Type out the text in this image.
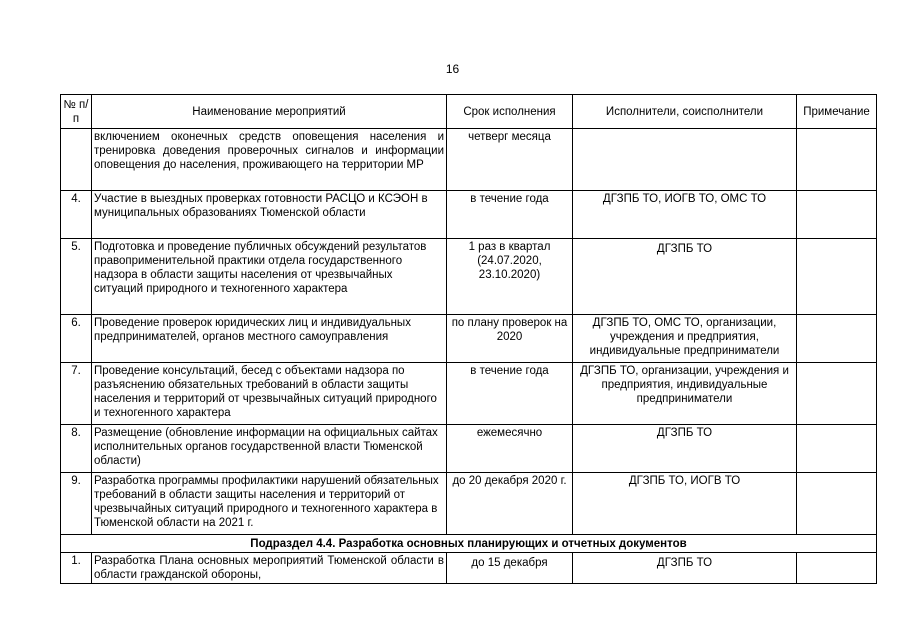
16
№ п/п	Наименование мероприятий	Срок исполнения	Исполнители, соисполнители	Примечание
	включением оконечных средств оповещения населения и тренировка доведения проверочных сигналов и информации оповещения до населения, проживающего на территории МР	четверг месяца		
4.	Участие в выездных проверках готовности РАСЦО и КСЭОН в муниципальных образованиях Тюменской области	в течение года	ДГЗПБ ТО, ИОГВ ТО, ОМС ТО	
5.	Подготовка и проведение публичных обсуждений результатов правоприменительной практики отдела государственного надзора в области защиты населения от чрезвычайных ситуаций природного и техногенного характера	1 раз в квартал (24.07.2020, 23.10.2020)	ДГЗПБ ТО	
6.	Проведение проверок юридических лиц и индивидуальных предпринимателей, органов местного самоуправления	по плану проверок на 2020	ДГЗПБ ТО, ОМС ТО, организации, учреждения и предприятия, индивидуальные предприниматели	
7.	Проведение консультаций, бесед с объектами надзора по разъяснению обязательных требований в области защиты населения и территорий от чрезвычайных ситуаций природного и техногенного характера	в течение года	ДГЗПБ ТО, организации, учреждения и предприятия, индивидуальные предприниматели	
8.	Размещение (обновление информации на официальных сайтах исполнительных органов государственной власти Тюменской области)	ежемесячно	ДГЗПБ ТО	
9.	Разработка программы профилактики нарушений обязательных требований в области защиты населения и территорий от чрезвычайных ситуаций природного и техногенного характера в Тюменской области на 2021 г.	до 20 декабря 2020 г.	ДГЗПБ ТО, ИОГВ ТО	
Подраздел 4.4. Разработка основных планирующих и отчетных документов				
1.	Разработка Плана основных мероприятий Тюменской области в области гражданской обороны,	до 15 декабря	ДГЗПБ ТО	
